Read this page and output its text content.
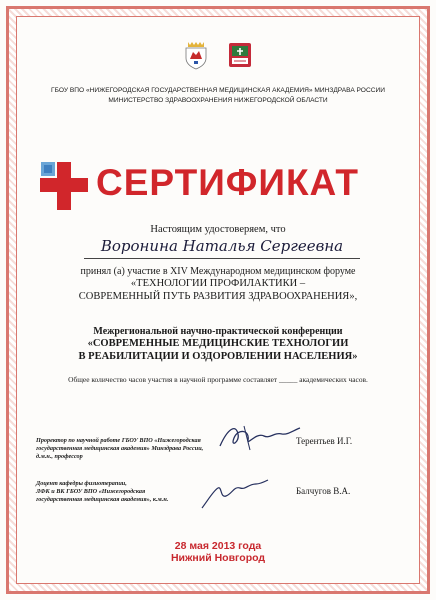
ГБОУ ВПО «НИЖЕГОРОДСКАЯ ГОСУДАРСТВЕННАЯ МЕДИЦИНСКАЯ АКАДЕМИЯ» МИНЗДРАВА РОССИИ
МИНИСТЕРСТВО ЗДРАВООХРАНЕНИЯ НИЖЕГОРОДСКОЙ ОБЛАСТИ
СЕРТИФИКАТ
Настоящим удостоверяем, что
Воронина Наталья Сергеевна
принял (а) участие в XIV Международном медицинском форуме
«ТЕХНОЛОГИИ ПРОФИЛАКТИКИ –
СОВРЕМЕННЫЙ ПУТЬ РАЗВИТИЯ ЗДРАВООХРАНЕНИЯ»,
Межрегиональной научно-практической конференции
«СОВРЕМЕННЫЕ МЕДИЦИНСКИЕ ТЕХНОЛОГИИ
В РЕАБИЛИТАЦИИ И ОЗДОРОВЛЕНИИ НАСЕЛЕНИЯ»
Общее количество часов участия в научной программе составляет _____ академических часов.
Проректор по научной работе ГБОУ ВПО «Нижегородская
государственная медицинская академия» Минздрава России,
д.м.н., профессор
Терентьев И.Г.
Доцент кафедры физиотерапии,
ЛФК и ВК ГБОУ ВПО «Нижегородская
государственная медицинская академия», к.м.н.
Балчугов В.А.
28 мая 2013 года
Нижний Новгород
